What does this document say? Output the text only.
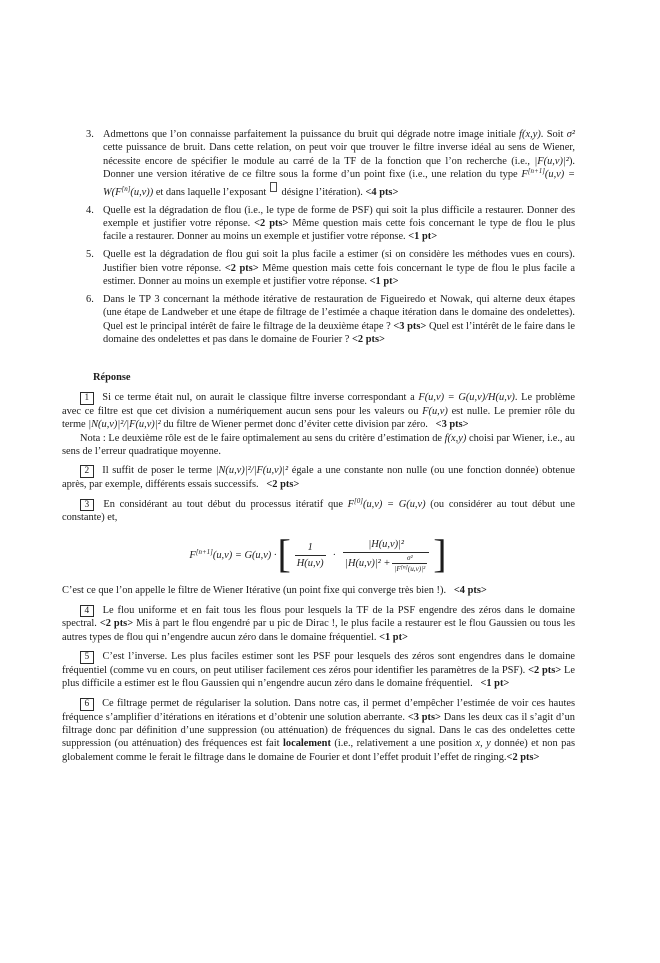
3. Admettons que l’on connaisse parfaitement la puissance du bruit qui dégrade notre image initiale f(x,y). Soit σ² cette puissance de bruit. Dans cette relation, on peut voir que trouver le filtre inverse idéal au sens de Wiener, nécessite encore de spécifier le module au carré de la TF de la fonction que l’on recherche (i.e., |F(u,ν)|²). Donner une version itérative de ce filtre sous la forme d’un point fixe (i.e., une relation du type F[n+1](u,ν) = W(F[n](u,ν)) et dans laquelle l’exposant  désigne l’itération). <4 pts>
4. Quelle est la dégradation de flou (i.e., le type de forme de PSF) qui soit la plus difficile a restaurer. Donner des exemple et justifier votre réponse. <2 pts> Même question mais cette fois concernant le type de flou le plus facile a restaurer. Donner au moins un exemple et justifier votre réponse. <1 pt>
5. Quelle est la dégradation de flou gui soit la plus facile a estimer (si on considère les méthodes vues en cours). Justifier bien votre réponse. <2 pts> Même question mais cette fois concernant le type de flou le plus facile a estimer. Donner au moins un exemple et justifier votre réponse. <1 pt>
6. Dans le TP 3 concernant la méthode itérative de restauration de Figueiredo et Nowak, qui alterne deux étapes (une étape de Landweber et une étape de filtrage de l’estimée a chaque itération dans le domaine des ondelettes). Quel est le principal intérêt de faire le filtrage de la deuxième étape ? <3 pts> Quel est l’intérêt de le faire dans le domaine des ondelettes et pas dans le domaine de Fourier ? <2 pts>
Réponse
1 Si ce terme était nul, on aurait le classique filtre inverse correspondant a F(u,ν) = G(u,ν)/H(u,ν). Le problème avec ce filtre est que cet division a numériquement aucun sens pour les valeurs ou F(u,ν) est nulle. Le premier rôle du terme |N(u,ν)|²/|F(u,ν)|² du filtre de Wiener permet donc d’éviter cette division par zéro.   <3 pts>
Nota : Le deuxième rôle est de le faire optimalement au sens du critère d’estimation de f(x,y) choisi par Wiener, i.e., au sens de l’erreur quadratique moyenne.
2 Il suffit de poser le terme |N(u,ν)|²/|F(u,ν)|² égale a une constante non nulle (ou une fonction donnée) obtenue après, par exemple, différents essais successifs.   <2 pts>
3 En considérant au tout début du processus itératif que F[0](u,ν) = G(u,ν) (ou considérer au tout début une constante) et,
F[n+1](u,ν) = G(u,ν) · [ $\frac{1}{H(u,\nu)} \cdot \frac{\text{|H(u,ν)|²}}{|H(u,\nu)|^2 + \frac{\text{σ²}}{|F^{[n]}(u,\nu)|^2}}$ ]
C’est ce que l’on appelle le filtre de Wiener Itérative (un point fixe qui converge très bien !).   <4 pts>
4 Le flou uniforme et en fait tous les flous pour lesquels la TF de la PSF engendre des zéros dans le domaine spectral. <2 pts> Mis à part le flou engendré par u pic de Dirac !, le plus facile a restaurer est le flou Gaussien ou tous les autres types de flou qui n’engendre aucun zéro dans le domaine fréquentiel. <1 pt>
5 C’est l’inverse. Les plus faciles estimer sont les PSF pour lesquels des zéros sont engendres dans le domaine fréquentiel (comme vu en cours, on peut utiliser facilement ces zéros pour identifier les paramètres de la PSF). <2 pts> Le plus difficile a estimer est le flou Gaussien qui n’engendre aucun zéro dans le domaine fréquentiel.   <1 pt>
6 Ce filtrage permet de régulariser la solution. Dans notre cas, il permet d’empêcher l’estimée de voir ces hautes fréquence s’amplifier d’itérations en itérations et d’obtenir une solution aberrante. <3 pts> Dans les deux cas il s’agit d’un filtrage donc par définition d’une suppression (ou atténuation) de fréquences du signal. Dans le cas des ondelettes cette suppression (ou atténuation) des fréquences est fait localement (i.e., relativement a une position x, y donnée) et non pas globalement comme le ferait le filtrage dans le domaine de Fourier et dont l’effet produit l’effet de ringing.<2 pts>
